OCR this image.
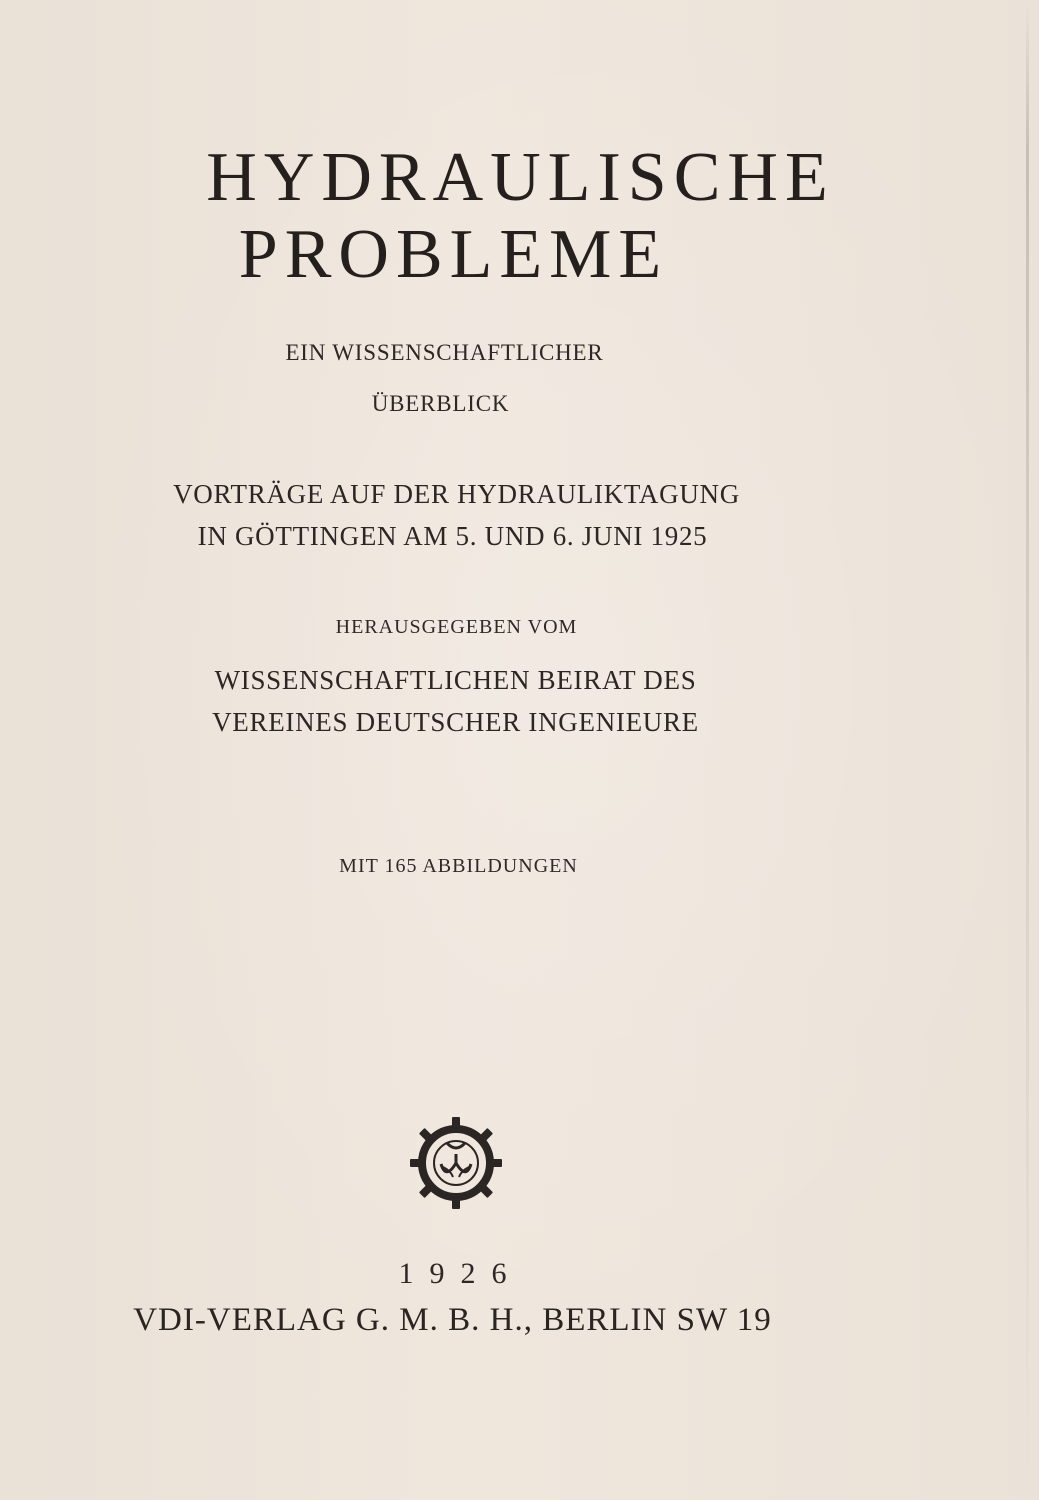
HYDRAULISCHE
PROBLEME
EIN WISSENSCHAFTLICHER
ÜBERBLICK
VORTRÄGE AUF DER HYDRAULIKTAGUNG
IN GÖTTINGEN AM 5. UND 6. JUNI 1925
HERAUSGEGEBEN VOM
WISSENSCHAFTLICHEN BEIRAT DES
VEREINES DEUTSCHER INGENIEURE
MIT 165 ABBILDUNGEN
1926
VDI-VERLAG G. M. B. H., BERLIN SW 19
